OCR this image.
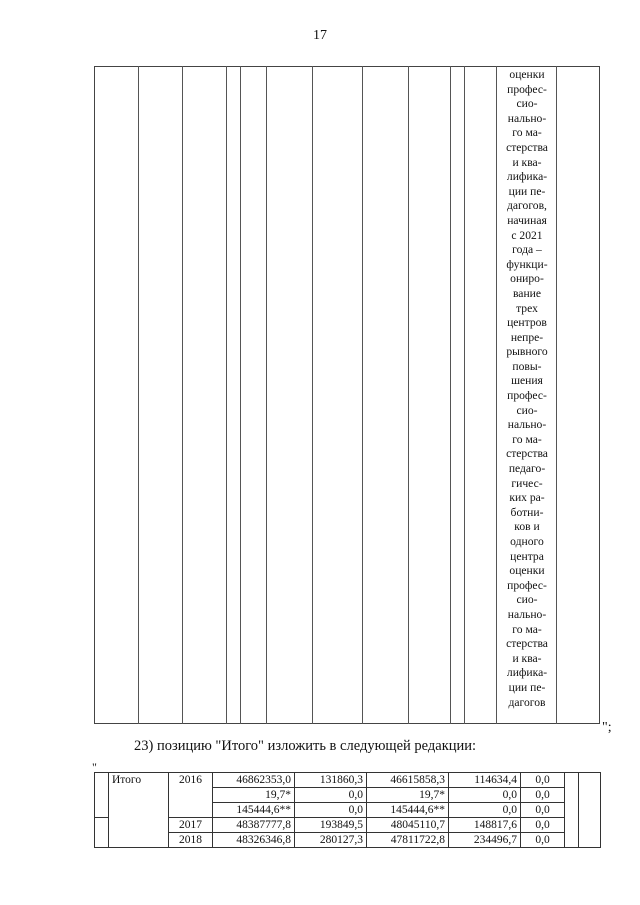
17
оценки
профес-
сио-
нально-
го ма-
стерства
и ква-
лифика-
ции пе-
дагогов,
начиная
с 2021
года –
функци-
ониро-
вание
трех
центров
непре-
рывного
повы-
шения
профес-
сио-
нально-
го ма-
стерства
педаго-
гичес-
ких ра-
ботни-
ков и
одного
центра
оценки
профес-
сио-
нально-
го ма-
стерства
и ква-
лифика-
ции пе-
дагогов
";
23) позицию "Итого" изложить в следующей редакции:
"
	Итого	2016	46862353,0	131860,3	46615858,3	114634,4	0,0		
			19,7*	0,0	19,7*	0,0	0,0		
			145444,6**	0,0	145444,6**	0,0	0,0		
		2017	48387777,8	193849,5	48045110,7	148817,6	0,0		
		2018	48326346,8	280127,3	47811722,8	234496,7	0,0		
